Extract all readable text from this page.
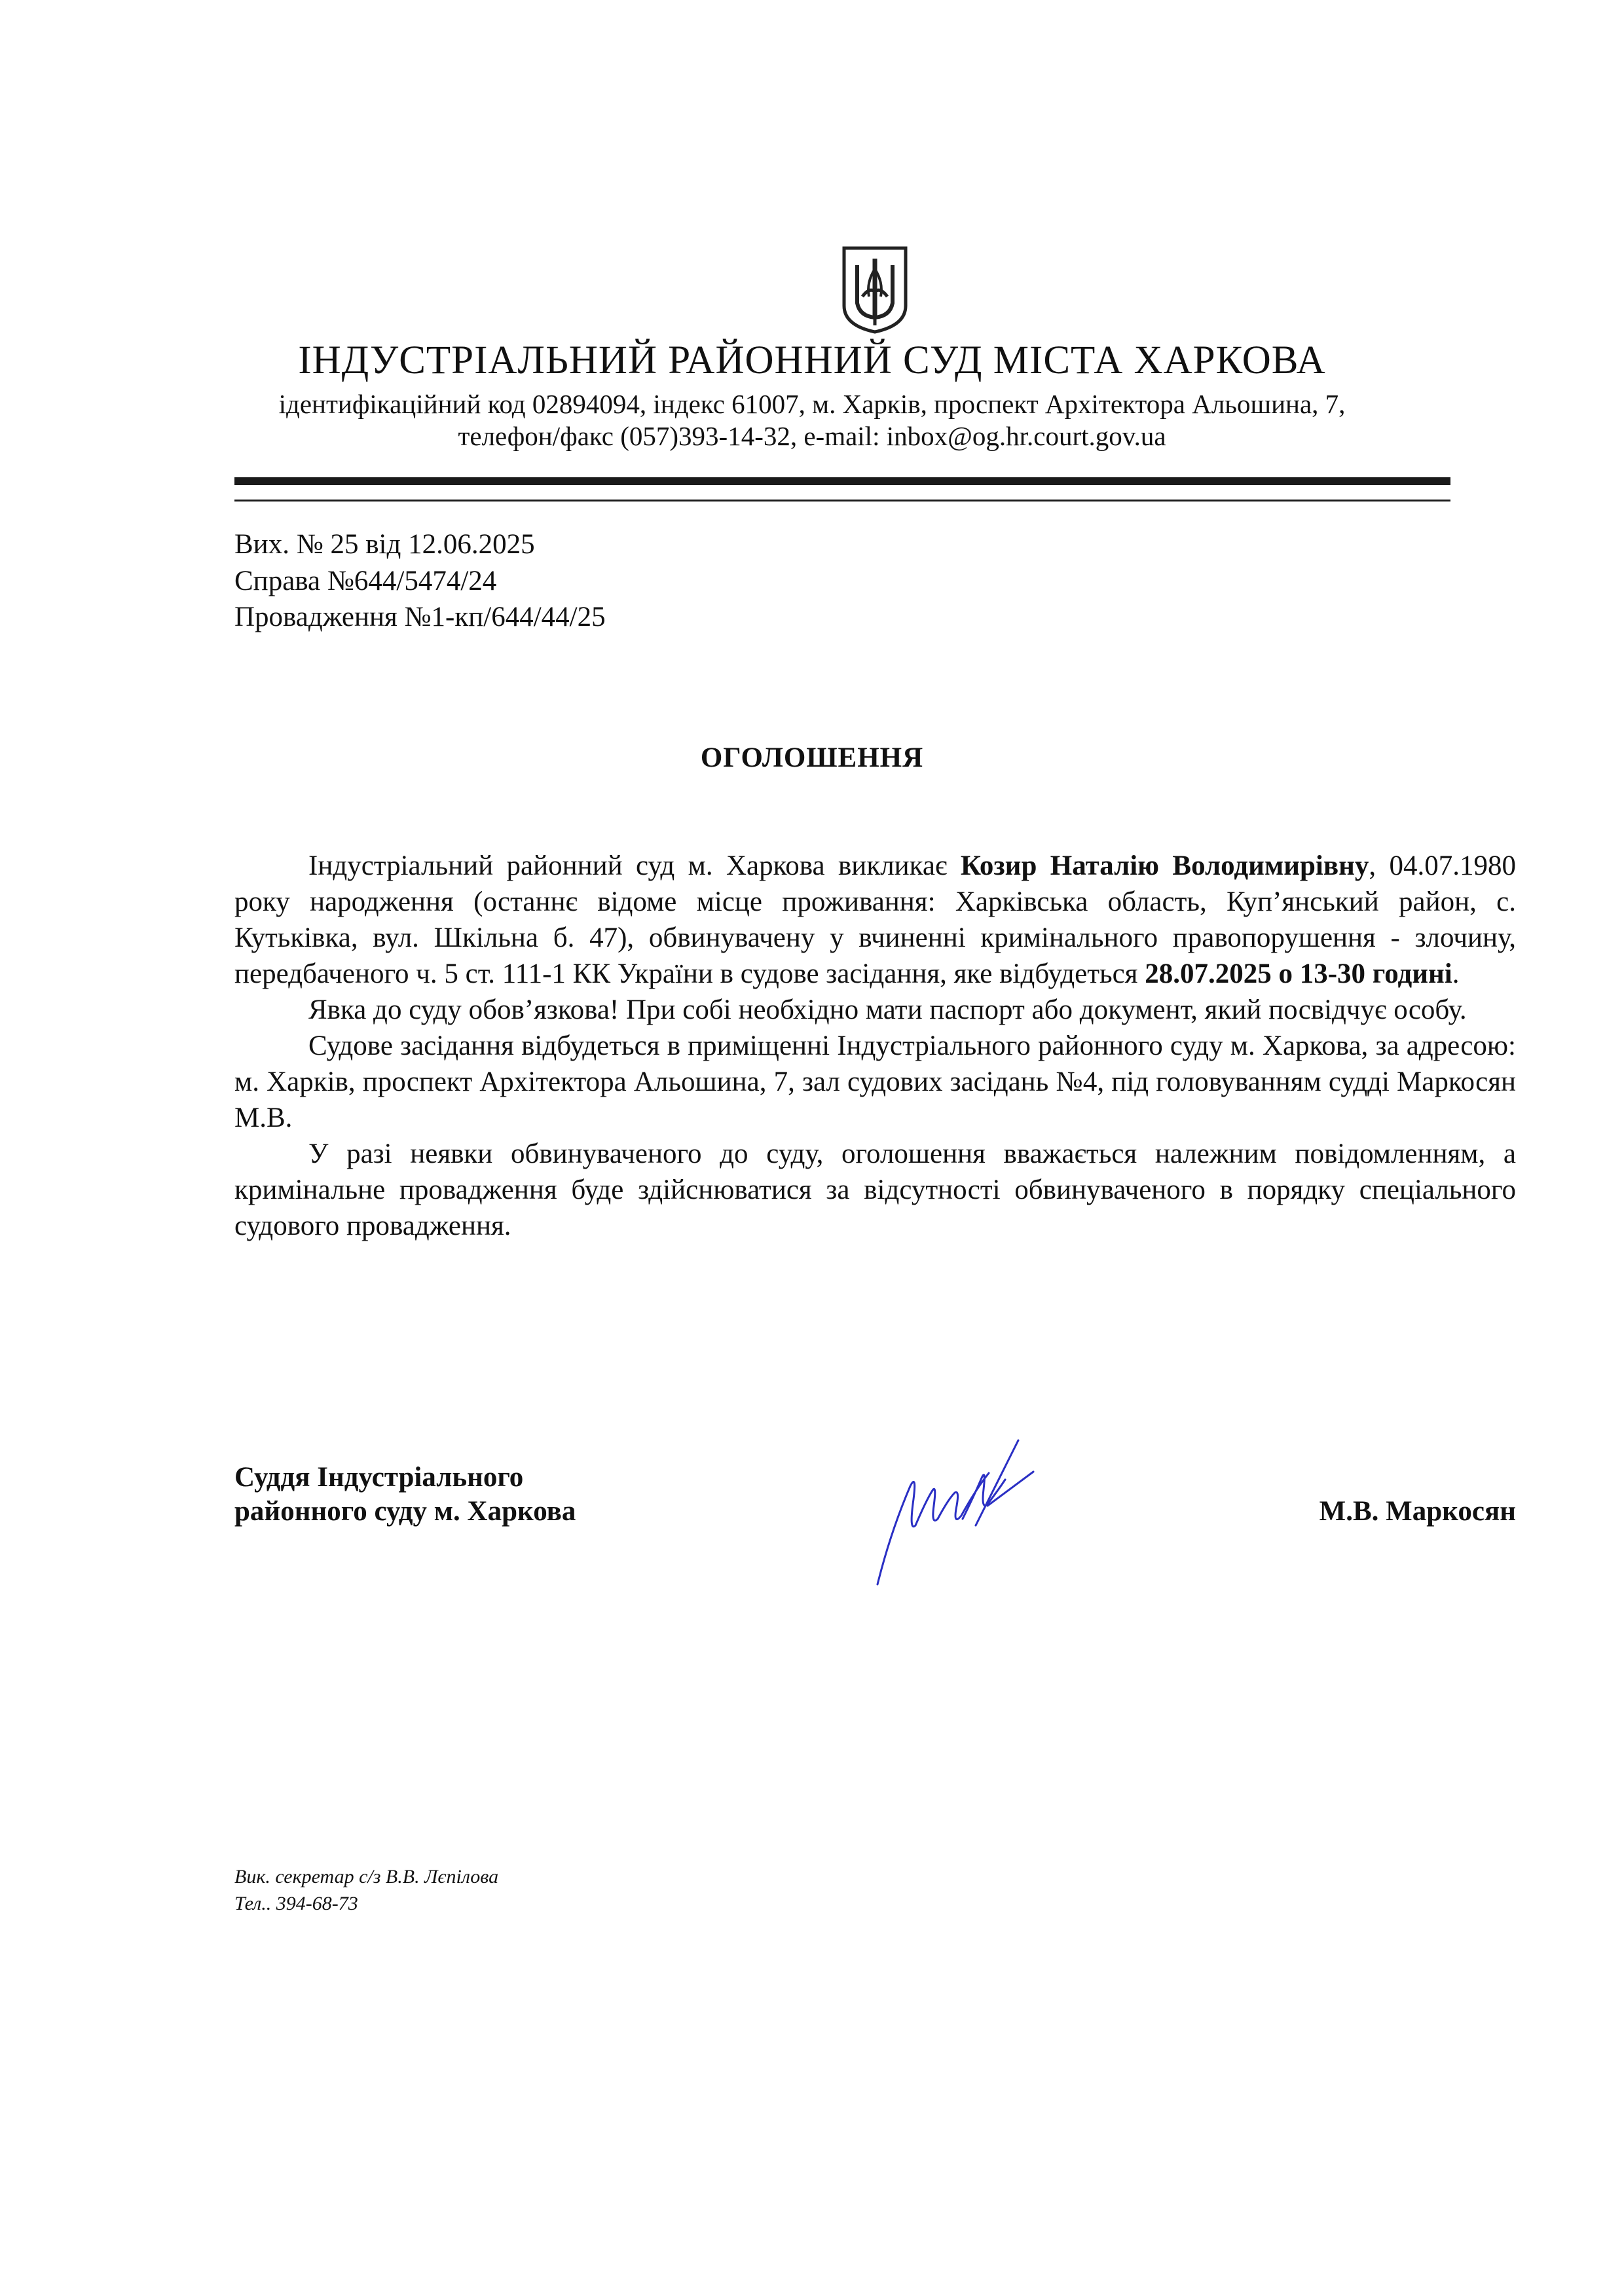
ІНДУСТРІАЛЬНИЙ РАЙОННИЙ СУД МІСТА ХАРКОВА
ідентифікаційний код 02894094, індекс 61007, м. Харків, проспект Архітектора Альошина, 7,
телефон/факс (057)393-14-32, e-mail: inbox@og.hr.court.gov.ua
Вих. № 25 від 12.06.2025
Справа №644/5474/24
Провадження №1-кп/644/44/25
ОГОЛОШЕННЯ

Індустріальний районний суд м. Харкова викликає Козир Наталію Володимирівну, 04.07.1980 року народження (останнє відоме місце проживання: Харківська область, Куп’янський район, с. Кутьківка, вул. Шкільна б. 47), обвинувачену у вчиненні кримінального правопорушення - злочину, передбаченого ч. 5 ст. 111-1 КК України в судове засідання, яке відбудеться 28.07.2025 о 13-30 годині.

Явка до суду обов’язкова! При собі необхідно мати паспорт або документ, який посвідчує особу.

Судове засідання відбудеться в приміщенні Індустріального районного суду м. Харкова, за адресою: м. Харків, проспект Архітектора Альошина, 7, зал судових засідань №4, під головуванням судді Маркосян М.В.

У разі неявки обвинуваченого до суду, оголошення вважається належним повідомленням, а кримінальне провадження буде здійснюватися за відсутності обвинуваченого в порядку спеціального судового провадження.

Суддя Індустріального
районного суду м. Харкова	М.В. Маркосян
Вик. секретар с/з В.В. Лєпілова
Тел.. 394-68-73
